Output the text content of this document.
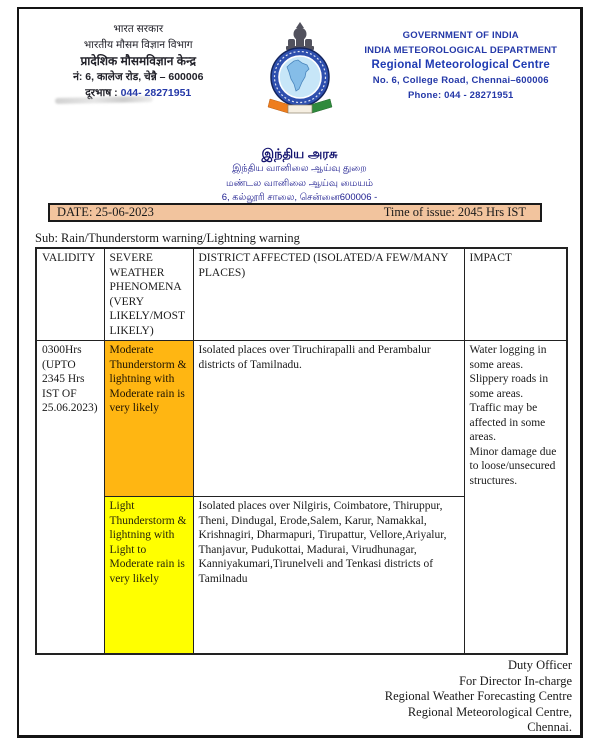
भारत सरकार
भारतीय मौसम विज्ञान विभाग
प्रादेशिक मौसमविज्ञान केन्द्र
नं: 6, कालेज रोड, चेन्नै – 600006
दूरभाष : 044- 28271951
GOVERNMENT OF INDIA
INDIA METEOROLOGICAL DEPARTMENT
Regional Meteorological Centre
No. 6, College Road, Chennai–600006
Phone: 044 - 28271951
இந்திய அரசு
இந்திய வானிலை ஆய்வு துறை
மண்டல வானிலை ஆய்வு மையம்
6, கல்லூரி சாலை, சென்னை600006 -
DATE: 25-06-2023	Time of issue: 2045 Hrs IST
Sub: Rain/Thunderstorm warning/Lightning warning
VALIDITY	SEVERE WEATHER PHENOMENA (VERY LIKELY/MOST LIKELY)	DISTRICT AFFECTED (ISOLATED/A FEW/MANY PLACES)	IMPACT
0300Hrs (UPTO 2345 Hrs IST OF 25.06.2023)	Moderate Thunderstorm & lightning with Moderate rain is very likely	Isolated places over Tiruchirapalli and Perambalur districts of Tamilnadu.	Water logging in some areas.
Slippery roads in some areas.
Traffic may be affected in some areas.
Minor damage due to loose/unsecured structures.

	Light Thunderstorm & lightning with Light to Moderate rain is very likely	Isolated places over Nilgiris, Coimbatore, Thiruppur, Theni, Dindugal, Erode,Salem, Karur, Namakkal, Krishnagiri, Dharmapuri, Tirupattur, Vellore,Ariyalur, Thanjavur, Pudukottai, Madurai, Virudhunagar, Kanniyakumari,Tirunelveli and Tenkasi districts of Tamilnadu	
Duty Officer
For Director In-charge
Regional Weather Forecasting Centre
Regional Meteorological Centre,
Chennai.
